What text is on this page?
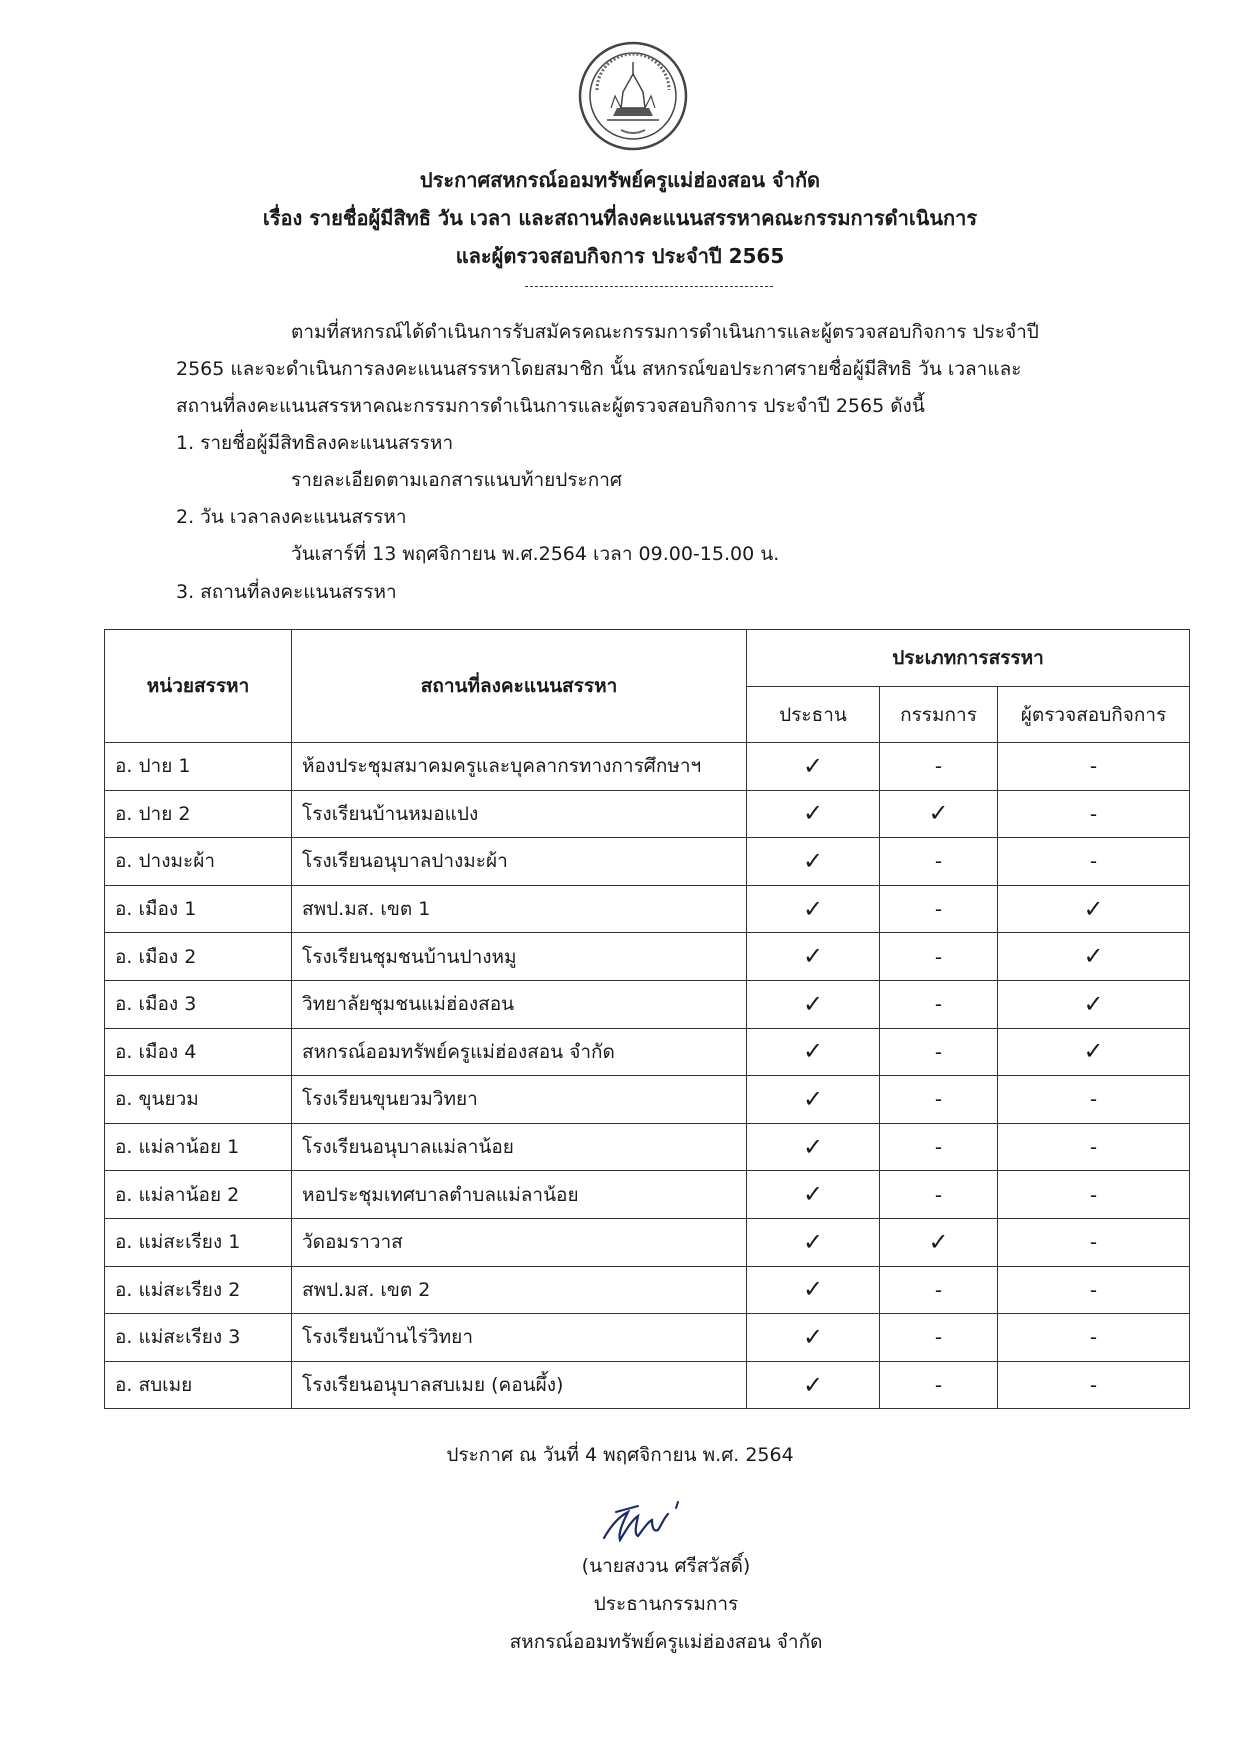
ประกาศสหกรณ์ออมทรัพย์ครูแม่ฮ่องสอน จำกัด
เรื่อง รายชื่อผู้มีสิทธิ วัน เวลา และสถานที่ลงคะแนนสรรหาคณะกรรมการดำเนินการ
และผู้ตรวจสอบกิจการ ประจำปี 2565
ตามที่สหกรณ์ได้ดำเนินการรับสมัครคณะกรรมการดำเนินการและผู้ตรวจสอบกิจการ ประจำปี
2565 และจะดำเนินการลงคะแนนสรรหาโดยสมาชิก นั้น สหกรณ์ขอประกาศรายชื่อผู้มีสิทธิ วัน เวลาและ
สถานที่ลงคะแนนสรรหาคณะกรรมการดำเนินการและผู้ตรวจสอบกิจการ ประจำปี 2565 ดังนี้
1. รายชื่อผู้มีสิทธิลงคะแนนสรรหา
รายละเอียดตามเอกสารแนบท้ายประกาศ
2. วัน เวลาลงคะแนนสรรหา
วันเสาร์ที่ 13 พฤศจิกายน พ.ศ.2564 เวลา 09.00-15.00 น.
3. สถานที่ลงคะแนนสรรหา
หน่วยสรรหา	สถานที่ลงคะแนนสรรหา	ประเภทการสรรหา		
		ประธาน	กรรมการ	ผู้ตรวจสอบกิจการ
อ. ปาย 1	ห้องประชุมสมาคมครูและบุคลากรทางการศึกษาฯ	✓	-	-
อ. ปาย 2	โรงเรียนบ้านหมอแปง	✓	✓	-
อ. ปางมะผ้า	โรงเรียนอนุบาลปางมะผ้า	✓	-	-
อ. เมือง 1	สพป.มส. เขต 1	✓	-	✓
อ. เมือง 2	โรงเรียนชุมชนบ้านปางหมู	✓	-	✓
อ. เมือง 3	วิทยาลัยชุมชนแม่ฮ่องสอน	✓	-	✓
อ. เมือง 4	สหกรณ์ออมทรัพย์ครูแม่ฮ่องสอน จำกัด	✓	-	✓
อ. ขุนยวม	โรงเรียนขุนยวมวิทยา	✓	-	-
อ. แม่ลาน้อย 1	โรงเรียนอนุบาลแม่ลาน้อย	✓	-	-
อ. แม่ลาน้อย 2	หอประชุมเทศบาลตำบลแม่ลาน้อย	✓	-	-
อ. แม่สะเรียง 1	วัดอมราวาส	✓	✓	-
อ. แม่สะเรียง 2	สพป.มส. เขต 2	✓	-	-
อ. แม่สะเรียง 3	โรงเรียนบ้านไร่วิทยา	✓	-	-
อ. สบเมย	โรงเรียนอนุบาลสบเมย (คอนผึ้ง)	✓	-	-
ประกาศ ณ วันที่ 4 พฤศจิกายน พ.ศ. 2564
(นายสงวน ศรีสวัสดิ์)
ประธานกรรมการ
สหกรณ์ออมทรัพย์ครูแม่ฮ่องสอน จำกัด
